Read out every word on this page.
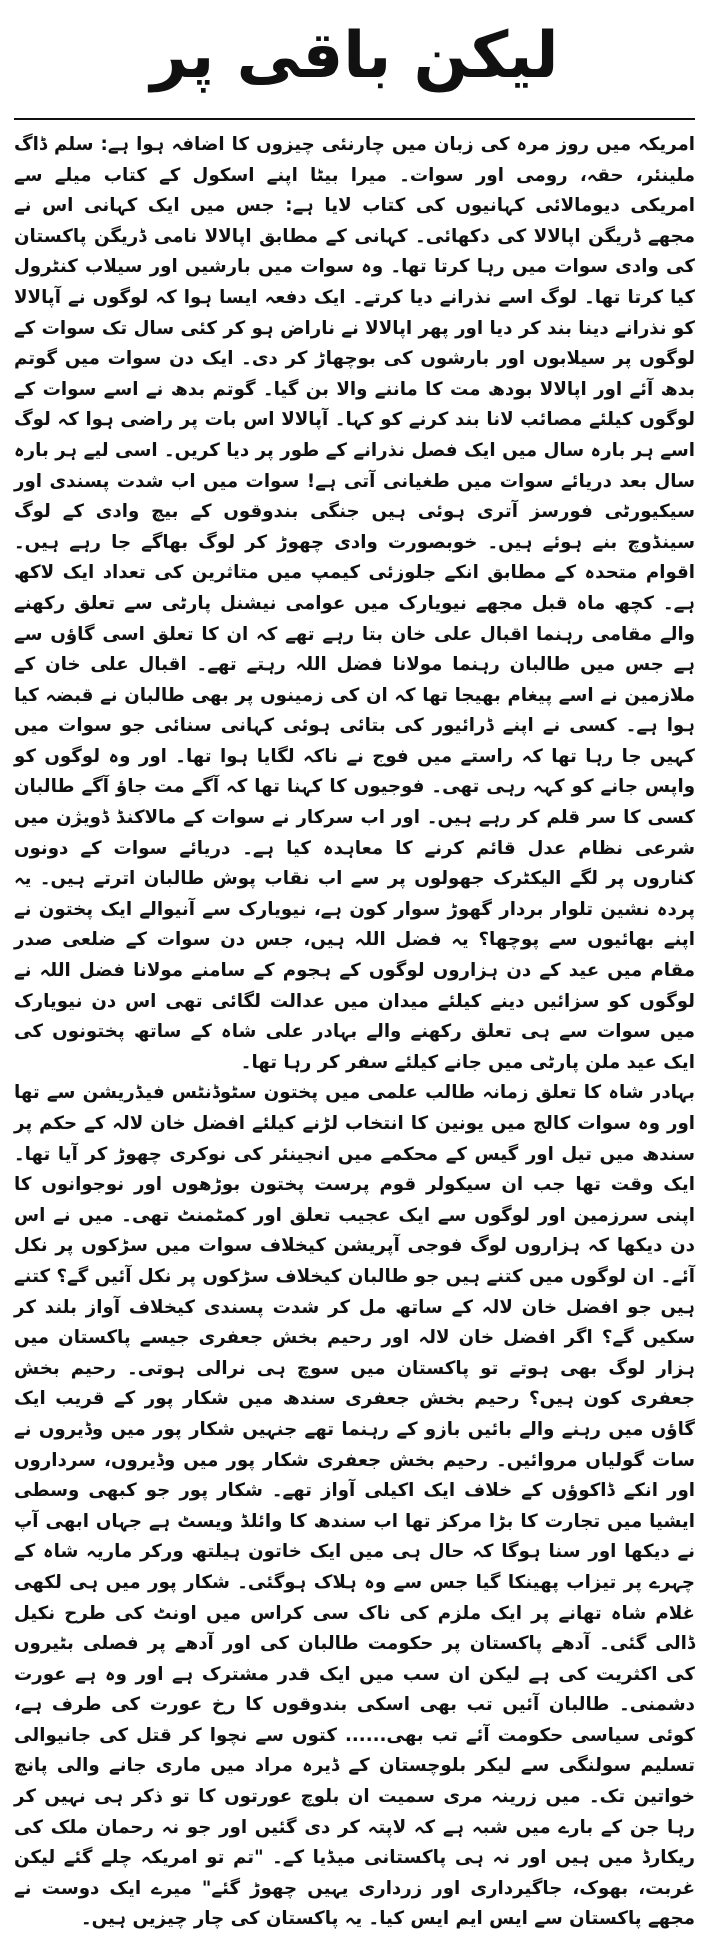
لیکن باقی پر

امریکہ میں روز مرہ کی زبان میں چارنئی چیزوں کا اضافہ ہوا ہے: سلم ڈاگ ملینئر، حقہ، رومی اور سوات۔ میرا بیٹا اپنے اسکول کے کتاب میلے سے امریکی دیومالائی کہانیوں کی کتاب لایا ہے: جس میں ایک کہانی اس نے مجھے ڈریگن اپالالا کی دکھائی۔ کہانی کے مطابق اپالالا نامی ڈریگن پاکستان کی وادی سوات میں رہا کرتا تھا۔ وہ سوات میں بارشیں اور سیلاب کنٹرول کیا کرتا تھا۔ لوگ اسے نذرانے دیا کرتے۔ ایک دفعہ ایسا ہوا کہ لوگوں نے آپالالا کو نذرانے دینا بند کر دیا اور پھر اپالالا نے ناراض ہو کر کئی سال تک سوات کے لوگوں پر سیلابوں اور بارشوں کی بوچھاڑ کر دی۔ ایک دن سوات میں گوتم بدھ آئے اور اپالالا بودھ مت کا ماننے والا بن گیا۔ گوتم بدھ نے اسے سوات کے لوگوں کیلئے مصائب لانا بند کرنے کو کہا۔ آپالالا اس بات پر راضی ہوا کہ لوگ اسے ہر بارہ سال میں ایک فصل نذرانے کے طور پر دیا کریں۔ اسی لیے ہر بارہ سال بعد دریائے سوات میں طغیانی آتی ہے! سوات میں اب شدت پسندی اور سیکیورٹی فورسز آتری ہوئی ہیں جنگی بندوقوں کے بیچ وادی کے لوگ سینڈوچ بنے ہوئے ہیں۔ خوبصورت وادی چھوڑ کر لوگ بھاگے جا رہے ہیں۔ اقوام متحدہ کے مطابق انکے جلوزئی کیمپ میں متاثرین کی تعداد ایک لاکھ ہے۔ کچھ ماہ قبل مجھے نیویارک میں عوامی نیشنل پارٹی سے تعلق رکھنے والے مقامی رہنما اقبال علی خان بتا رہے تھے کہ ان کا تعلق اسی گاؤں سے ہے جس میں طالبان رہنما مولانا فضل اللہ رہتے تھے۔ اقبال علی خان کے ملازمین نے اسے پیغام بھیجا تھا کہ ان کی زمینوں پر بھی طالبان نے قبضہ کیا ہوا ہے۔ کسی نے اپنے ڈرائیور کی بتائی ہوئی کہانی سنائی جو سوات میں کہیں جا رہا تھا کہ راستے میں فوج نے ناکہ لگایا ہوا تھا۔ اور وہ لوگوں کو واپس جانے کو کہہ رہی تھی۔ فوجیوں کا کہنا تھا کہ آگے مت جاؤ آگے طالبان کسی کا سر قلم کر رہے ہیں۔ اور اب سرکار نے سوات کے مالاکنڈ ڈویژن میں شرعی نظام عدل قائم کرنے کا معاہدہ کیا ہے۔ دریائے سوات کے دونوں کناروں پر لگے الیکٹرک جھولوں پر سے اب نقاب پوش طالبان اترتے ہیں۔ یہ پردہ نشین تلوار بردار گھوڑ سوار کون ہے، نیویارک سے آنیوالے ایک پختون نے اپنے بھائیوں سے پوچھا؟ یہ فضل اللہ ہیں، جس دن سوات کے ضلعی صدر مقام میں عید کے دن ہزاروں لوگوں کے ہجوم کے سامنے مولانا فضل اللہ نے لوگوں کو سزائیں دینے کیلئے میدان میں عدالت لگائی تھی اس دن نیویارک میں سوات سے ہی تعلق رکھنے والے بہادر علی شاہ کے ساتھ پختونوں کی ایک عید ملن پارٹی میں جانے کیلئے سفر کر رہا تھا۔

بہادر شاہ کا تعلق زمانہ طالب علمی میں پختون سٹوڈنٹس فیڈریشن سے تھا اور وہ سوات کالج میں یونین کا انتخاب لڑنے کیلئے افضل خان لالہ کے حکم پر سندھ میں تیل اور گیس کے محکمے میں انجینئر کی نوکری چھوڑ کر آیا تھا۔ ایک وقت تھا جب ان سیکولر قوم پرست پختون بوڑھوں اور نوجوانوں کا اپنی سرزمین اور لوگوں سے ایک عجیب تعلق اور کمٹمنٹ تھی۔ میں نے اس دن دیکھا کہ ہزاروں لوگ فوجی آپریشن کیخلاف سوات میں سڑکوں پر نکل آئے۔ ان لوگوں میں کتنے ہیں جو طالبان کیخلاف سڑکوں پر نکل آئیں گے؟ کتنے ہیں جو افضل خان لالہ کے ساتھ مل کر شدت پسندی کیخلاف آواز بلند کر سکیں گے؟ اگر افضل خان لالہ اور رحیم بخش جعفری جیسے پاکستان میں ہزار لوگ بھی ہوتے تو پاکستان میں سوچ ہی نرالی ہوتی۔ رحیم بخش جعفری کون ہیں؟ رحیم بخش جعفری سندھ میں شکار پور کے قریب ایک گاؤں میں رہنے والے بائیں بازو کے رہنما تھے جنہیں شکار پور میں وڈیروں نے سات گولیاں مروائیں۔ رحیم بخش جعفری شکار پور میں وڈیروں، سرداروں اور انکے ڈاکوؤں کے خلاف ایک اکیلی آواز تھے۔ شکار پور جو کبھی وسطی ایشیا میں تجارت کا بڑا مرکز تھا اب سندھ کا وائلڈ ویسٹ ہے جہاں ابھی آپ نے دیکھا اور سنا ہوگا کہ حال ہی میں ایک خاتون ہیلتھ ورکر ماریہ شاہ کے چہرے پر تیزاب پھینکا گیا جس سے وہ ہلاک ہوگئی۔ شکار پور میں ہی لکھی غلام شاہ تھانے پر ایک ملزم کی ناک سی کراس میں اونٹ کی طرح نکیل ڈالی گئی۔ آدھے پاکستان پر حکومت طالبان کی اور آدھے پر فصلی بٹیروں کی اکثریت کی ہے لیکن ان سب میں ایک قدر مشترک ہے اور وہ ہے عورت دشمنی۔ طالبان آئیں تب بھی اسکی بندوقوں کا رخ عورت کی طرف ہے، کوئی سیاسی حکومت آئے تب بھی...... کتوں سے نچوا کر قتل کی جانیوالی تسلیم سولنگی سے لیکر بلوچستان کے ڈیرہ مراد میں ماری جانے والی پانچ خواتین تک۔ میں زرینہ مری سمیت ان بلوچ عورتوں کا تو ذکر ہی نہیں کر رہا جن کے بارے میں شبہ ہے کہ لاپتہ کر دی گئیں اور جو نہ رحمان ملک کی ریکارڈ میں ہیں اور نہ ہی پاکستانی میڈیا کے۔ "تم تو امریکہ چلے گئے لیکن غربت، بھوک، جاگیرداری اور زرداری یہیں چھوڑ گئے" میرے ایک دوست نے مجھے پاکستان سے ایس ایم ایس کیا۔ یہ پاکستان کی چار چیزیں ہیں۔
